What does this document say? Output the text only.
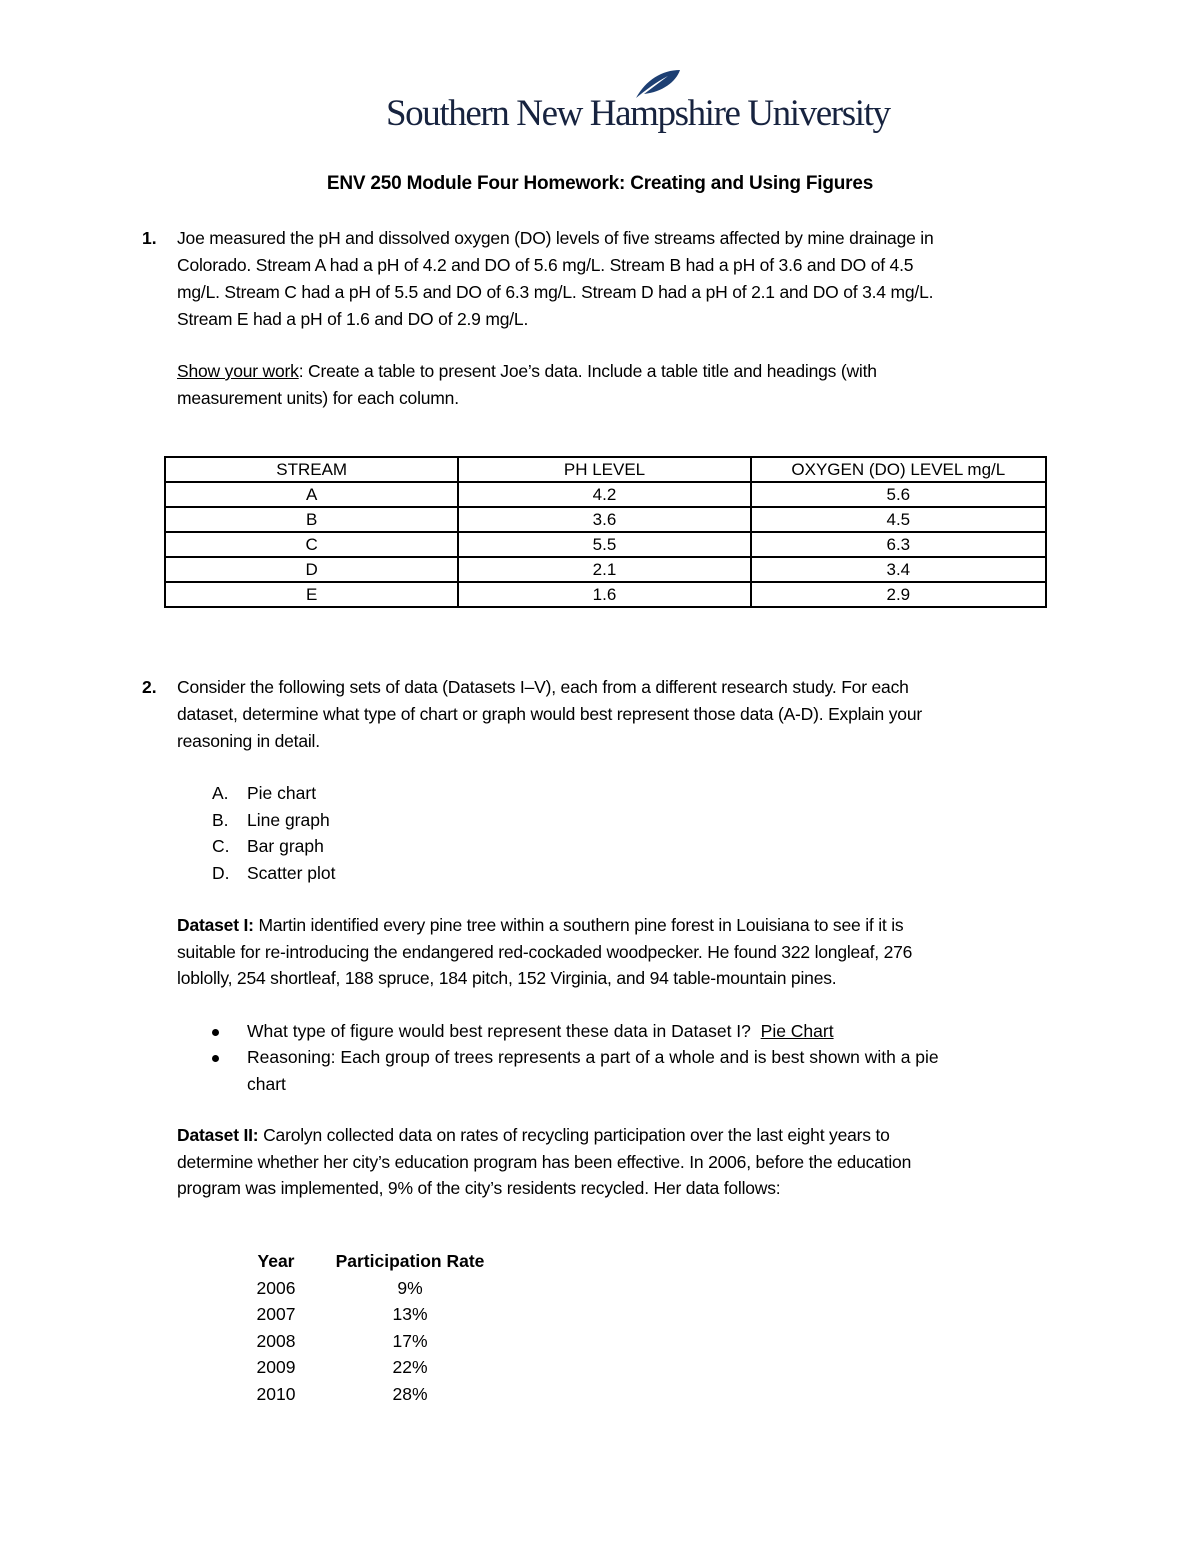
Southern New Hampshire University
ENV 250 Module Four Homework: Creating and Using Figures
1. Joe measured the pH and dissolved oxygen (DO) levels of five streams affected by mine drainage in
Colorado. Stream A had a pH of 4.2 and DO of 5.6 mg/L. Stream B had a pH of 3.6 and DO of 4.5
mg/L. Stream C had a pH of 5.5 and DO of 6.3 mg/L. Stream D had a pH of 2.1 and DO of 3.4 mg/L.
Stream E had a pH of 1.6 and DO of 2.9 mg/L.
Show your work: Create a table to present Joe’s data. Include a table title and headings (with
measurement units) for each column.
STREAM	PH LEVEL	OXYGEN (DO) LEVEL mg/L
A	4.2	5.6
B	3.6	4.5
C	5.5	6.3
D	2.1	3.4
E	1.6	2.9
2. Consider the following sets of data (Datasets I–V), each from a different research study. For each
dataset, determine what type of chart or graph would best represent those data (A-D). Explain your
reasoning in detail.
A. Pie chart
B. Line graph
C. Bar graph
D. Scatter plot
Dataset I: Martin identified every pine tree within a southern pine forest in Louisiana to see if it is
suitable for re-introducing the endangered red-cockaded woodpecker. He found 322 longleaf, 276
loblolly, 254 shortleaf, 188 spruce, 184 pitch, 152 Virginia, and 94 table-mountain pines.
What type of figure would best represent these data in Dataset I? Pie Chart
Reasoning: Each group of trees represents a part of a whole and is best shown with a pie
chart
Dataset II: Carolyn collected data on rates of recycling participation over the last eight years to
determine whether her city’s education program has been effective. In 2006, before the education
program was implemented, 9% of the city’s residents recycled. Her data follows:
Year	Participation Rate
2006	9%
2007	13%
2008	17%
2009	22%
2010	28%
